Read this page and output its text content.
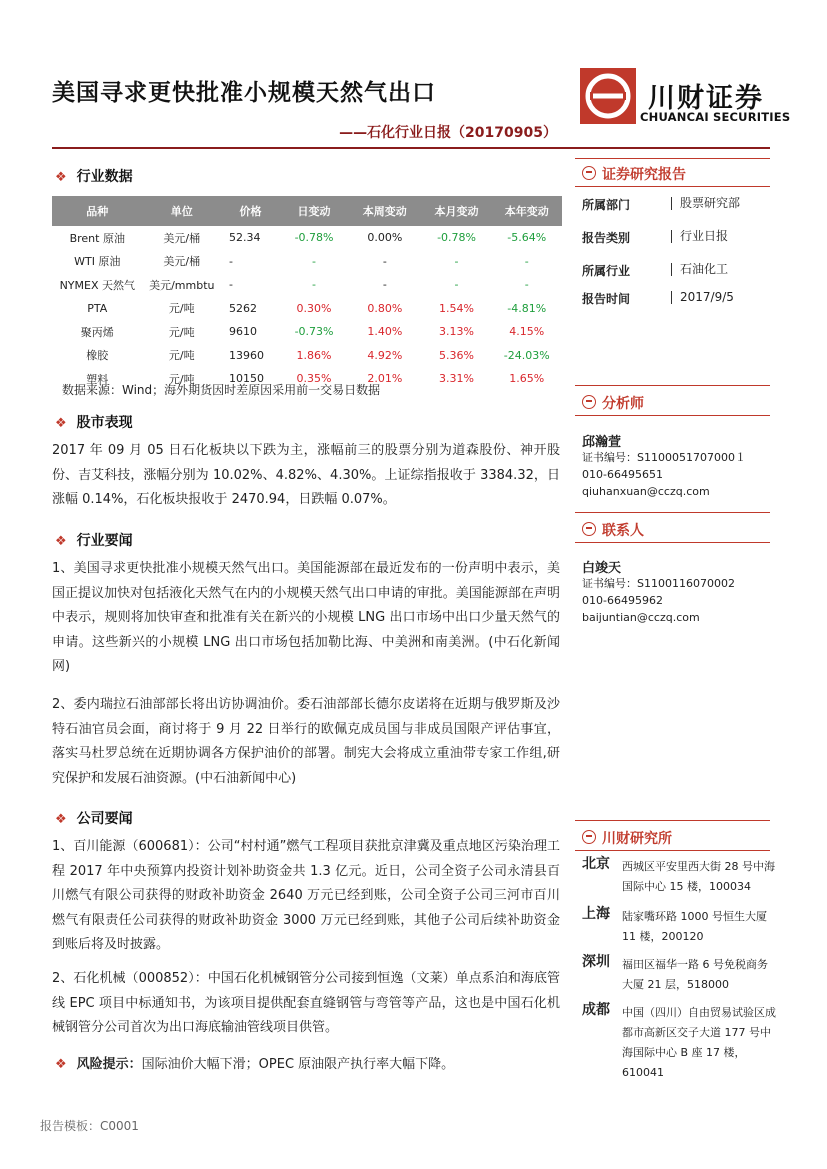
美国寻求更快批准小规模天然气出口
——石化行业日报（20170905）
川财证券
CHUANCAI SECURITIES
❖ 行业数据
品种	单位	价格	日变动	本周变动	本月变动	本年变动
Brent 原油	美元/桶	52.34	-0.78%	0.00%	-0.78%	-5.64%
WTI 原油	美元/桶	-	-	-	-	-
NYMEX 天然气	美元/mmbtu	-	-	-	-	-
PTA	元/吨	5262	0.30%	0.80%	1.54%	-4.81%
聚丙烯	元/吨	9610	-0.73%	1.40%	3.13%	4.15%
橡胶	元/吨	13960	1.86%	4.92%	5.36%	-24.03%
塑料	元/吨	10150	0.35%	2.01%	3.31%	1.65%
数据来源：Wind；海外期货因时差原因采用前一交易日数据
❖ 股市表现
2017 年 09 月 05 日石化板块以下跌为主，涨幅前三的股票分别为道森股份、神开股份、吉艾科技，涨幅分别为 10.02%、4.82%、4.30%。上证综指报收于 3384.32，日涨幅 0.14%，石化板块报收于 2470.94，日跌幅 0.07%。
❖ 行业要闻
1、美国寻求更快批准小规模天然气出口。美国能源部在最近发布的一份声明中表示，美国正提议加快对包括液化天然气在内的小规模天然气出口申请的审批。美国能源部在声明中表示，规则将加快审查和批准有关在新兴的小规模 LNG 出口市场中出口少量天然气的申请。这些新兴的小规模 LNG 出口市场包括加勒比海、中美洲和南美洲。(中石化新闻网)
2、委内瑞拉石油部部长将出访协调油价。委石油部部长德尔皮诺将在近期与俄罗斯及沙特石油官员会面，商讨将于 9 月 22 日举行的欧佩克成员国与非成员国限产评估事宜，落实马杜罗总统在近期协调各方保护油价的部署。制宪大会将成立重油带专家工作组,研究保护和发展石油资源。(中石油新闻中心)
❖ 公司要闻
1、百川能源（600681）：公司“村村通”燃气工程项目获批京津冀及重点地区污染治理工程 2017 年中央预算内投资计划补助资金共 1.3 亿元。近日，公司全资子公司永清县百川燃气有限公司获得的财政补助资金 2640 万元已经到账，公司全资子公司三河市百川燃气有限责任公司获得的财政补助资金 3000 万元已经到账，其他子公司后续补助资金到账后将及时披露。
2、石化机械（000852）：中国石化机械钢管分公司接到恒逸（文莱）单点系泊和海底管线 EPC 项目中标通知书，为该项目提供配套直缝钢管与弯管等产品，这也是中国石化机械钢管分公司首次为出口海底输油管线项目供管。
❖ 风险提示：国际油价大幅下滑；OPEC 原油限产执行率大幅下降。
证券研究报告
所属部门	股票研究部
报告类别	行业日报
所属行业	石油化工
报告时间	2017/9/5
分析师
邱瀚萱
证书编号：S1100051707000１
010-66495651
qiuhanxuan@cczq.com
联系人
白竣天
证书编号：S1100116070002
010-66495962
baijuntian@cczq.com
川财研究所
北京 西城区平安里西大街 28 号中海国际中心 15 楼，100034
上海 陆家嘴环路 1000 号恒生大厦 11 楼，200120
深圳 福田区福华一路 6 号免税商务大厦 21 层，518000
成都 中国（四川）自由贸易试验区成都市高新区交子大道 177 号中海国际中心 B 座 17 楼，610041
报告模板：C0001
